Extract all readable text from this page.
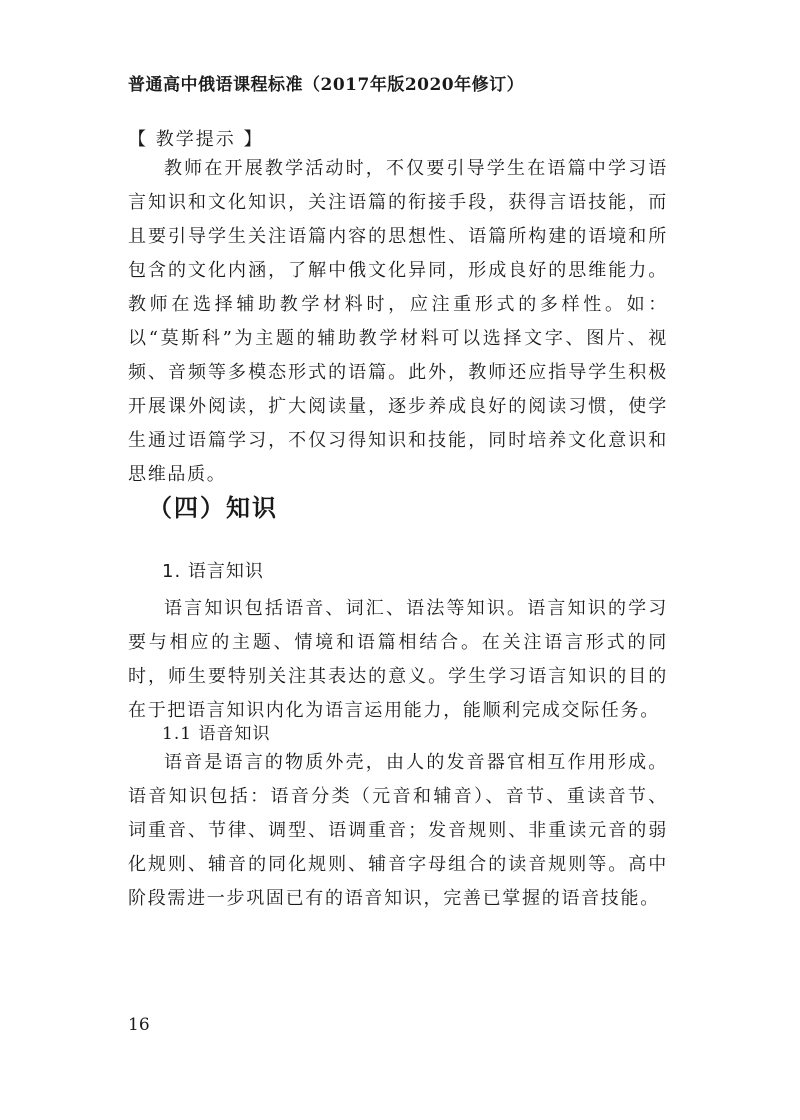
普通高中俄语课程标准（2017年版2020年修订）
【 教学提示 】

教师在开展教学活动时，不仅要引导学生在语篇中学习语言知识和文化知识，关注语篇的衔接手段，获得言语技能，而且要引导学生关注语篇内容的思想性、语篇所构建的语境和所包含的文化内涵，了解中俄文化异同，形成良好的思维能力。教师在选择辅助教学材料时，应注重形式的多样性。如：以“莫斯科”为主题的辅助教学材料可以选择文字、图片、视频、音频等多模态形式的语篇。此外，教师还应指导学生积极开展课外阅读，扩大阅读量，逐步养成良好的阅读习惯，使学生通过语篇学习，不仅习得知识和技能，同时培养文化意识和思维品质。

（四）知识
1. 语言知识

语言知识包括语音、词汇、语法等知识。语言知识的学习要与相应的主题、情境和语篇相结合。在关注语言形式的同时，师生要特别关注其表达的意义。学生学习语言知识的目的在于把语言知识内化为语言运用能力，能顺利完成交际任务。

1.1 语音知识

语音是语言的物质外壳，由人的发音器官相互作用形成。语音知识包括：语音分类（元音和辅音）、音节、重读音节、词重音、节律、调型、语调重音；发音规则、非重读元音的弱化规则、辅音的同化规则、辅音字母组合的读音规则等。高中阶段需进一步巩固已有的语音知识，完善已掌握的语音技能。

16
